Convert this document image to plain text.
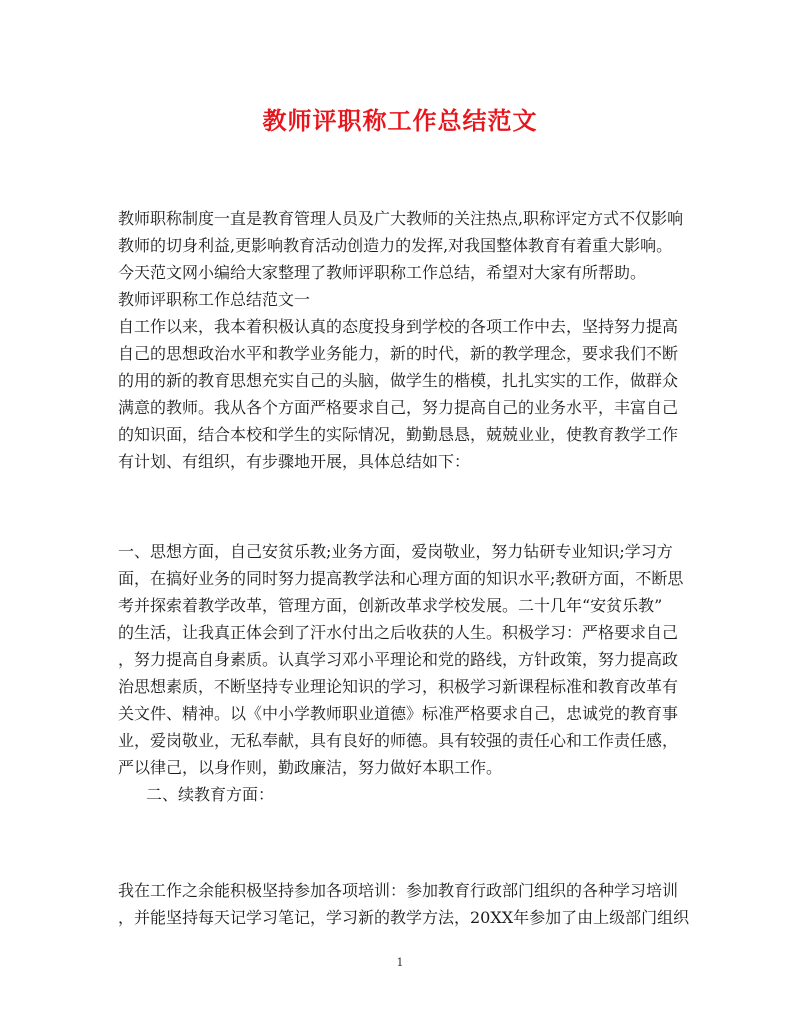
教师评职称工作总结范文
教师职称制度一直是教育管理人员及广大教师的关注热点,职称评定方式不仅影响
教师的切身利益,更影响教育活动创造力的发挥,对我国整体教育有着重大影响。
今天范文网小编给大家整理了教师评职称工作总结，希望对大家有所帮助。
教师评职称工作总结范文一
自工作以来，我本着积极认真的态度投身到学校的各项工作中去，坚持努力提高
自己的思想政治水平和教学业务能力，新的时代，新的教学理念，要求我们不断
的用的新的教育思想充实自己的头脑，做学生的楷模，扎扎实实的工作，做群众
满意的教师。我从各个方面严格要求自己，努力提高自己的业务水平，丰富自己
的知识面，结合本校和学生的实际情况，勤勤恳恳，兢兢业业，使教育教学工作
有计划、有组织，有步骤地开展，具体总结如下：
一、思想方面，自己安贫乐教;业务方面，爱岗敬业，努力钻研专业知识;学习方
面，在搞好业务的同时努力提高教学法和心理方面的知识水平;教研方面，不断思
考并探索着教学改革，管理方面，创新改革求学校发展。二十几年“安贫乐教”
的生活，让我真正体会到了汗水付出之后收获的人生。积极学习：严格要求自己
，努力提高自身素质。认真学习邓小平理论和党的路线，方针政策，努力提高政
治思想素质，不断坚持专业理论知识的学习，积极学习新课程标准和教育改革有
关文件、精神。以《中小学教师职业道德》标准严格要求自己，忠诚党的教育事
业，爱岗敬业，无私奉献，具有良好的师德。具有较强的责任心和工作责任感，
严以律己，以身作则，勤政廉洁，努力做好本职工作。
二、续教育方面：
我在工作之余能积极坚持参加各项培训：参加教育行政部门组织的各种学习培训
，并能坚持每天记学习笔记，学习新的教学方法，20XX年参加了由上级部门组织
1
